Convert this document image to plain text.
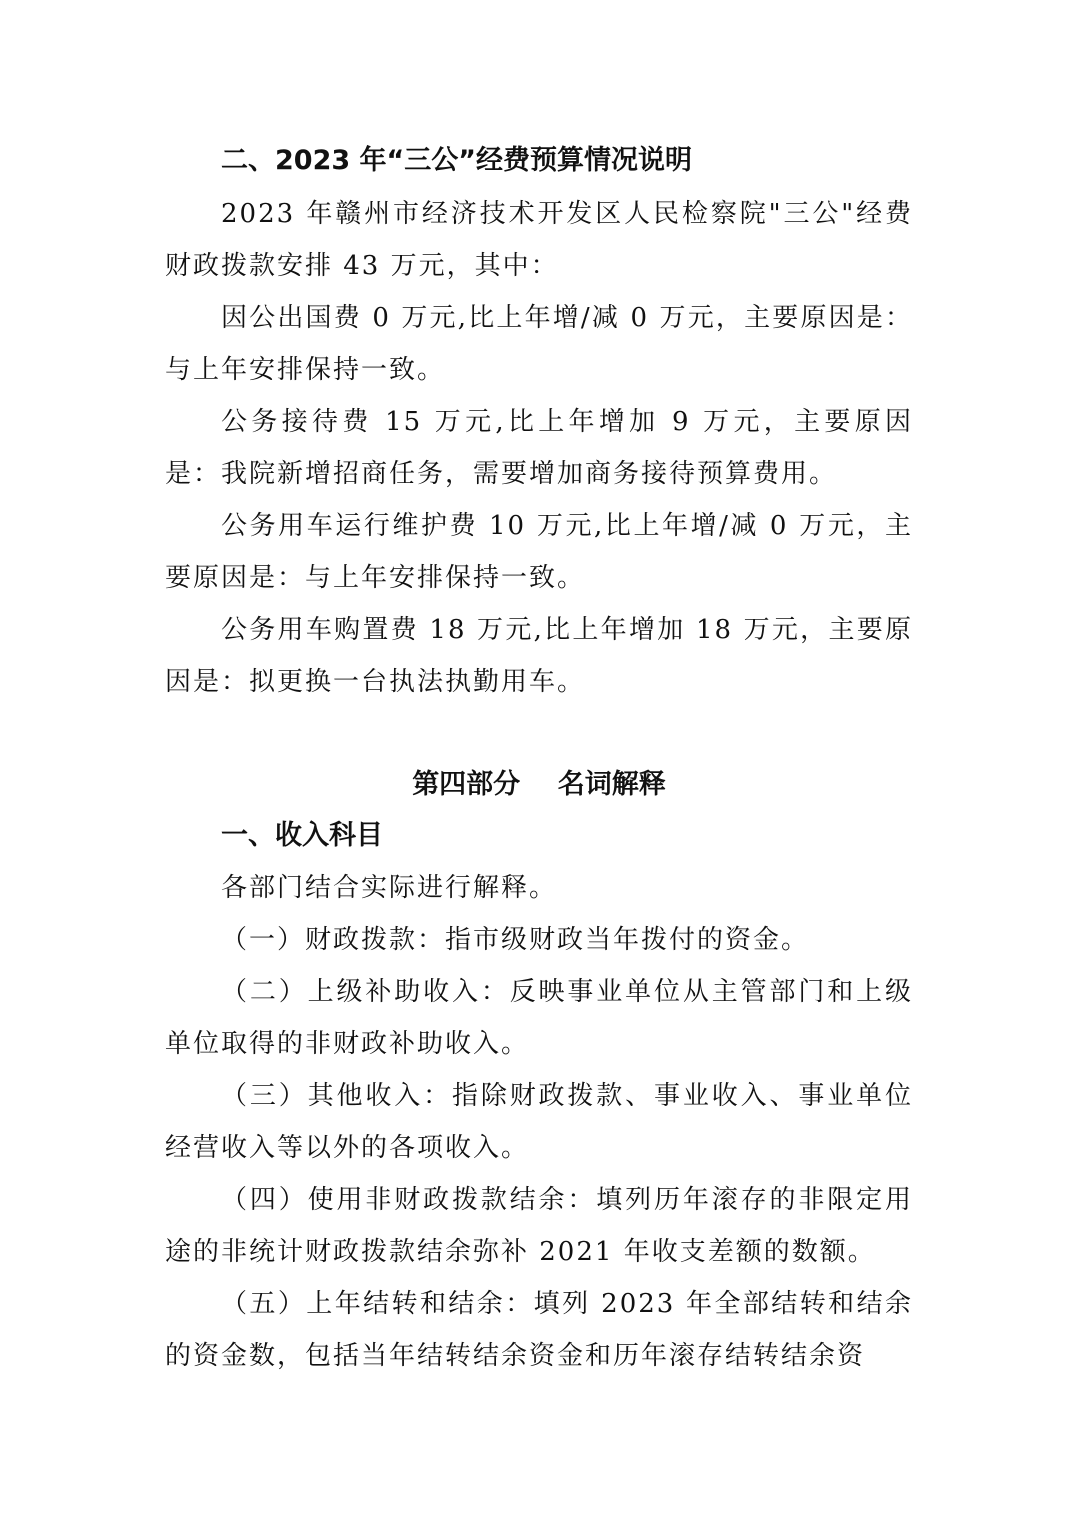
二、2023 年“三公”经费预算情况说明

2023 年赣州市经济技术开发区人民检察院"三公"经费财政拨款安排 43 万元，其中：

因公出国费 0 万元,比上年增/减 0 万元，主要原因是：与上年安排保持一致。

公务接待费 15 万元,比上年增加 9 万元，主要原因是：我院新增招商任务，需要增加商务接待预算费用。

公务用车运行维护费 10 万元,比上年增/减 0 万元，主要原因是：与上年安排保持一致。

公务用车购置费 18 万元,比上年增加 18 万元，主要原因是：拟更换一台执法执勤用车。

第四部分    名词解释
一、收入科目

各部门结合实际进行解释。

（一）财政拨款：指市级财政当年拨付的资金。

（二）上级补助收入：反映事业单位从主管部门和上级单位取得的非财政补助收入。

（三）其他收入：指除财政拨款、事业收入、事业单位经营收入等以外的各项收入。

（四）使用非财政拨款结余：填列历年滚存的非限定用途的非统计财政拨款结余弥补 2021 年收支差额的数额。

（五）上年结转和结余：填列 2023 年全部结转和结余的资金数，包括当年结转结余资金和历年滚存结转结余资
